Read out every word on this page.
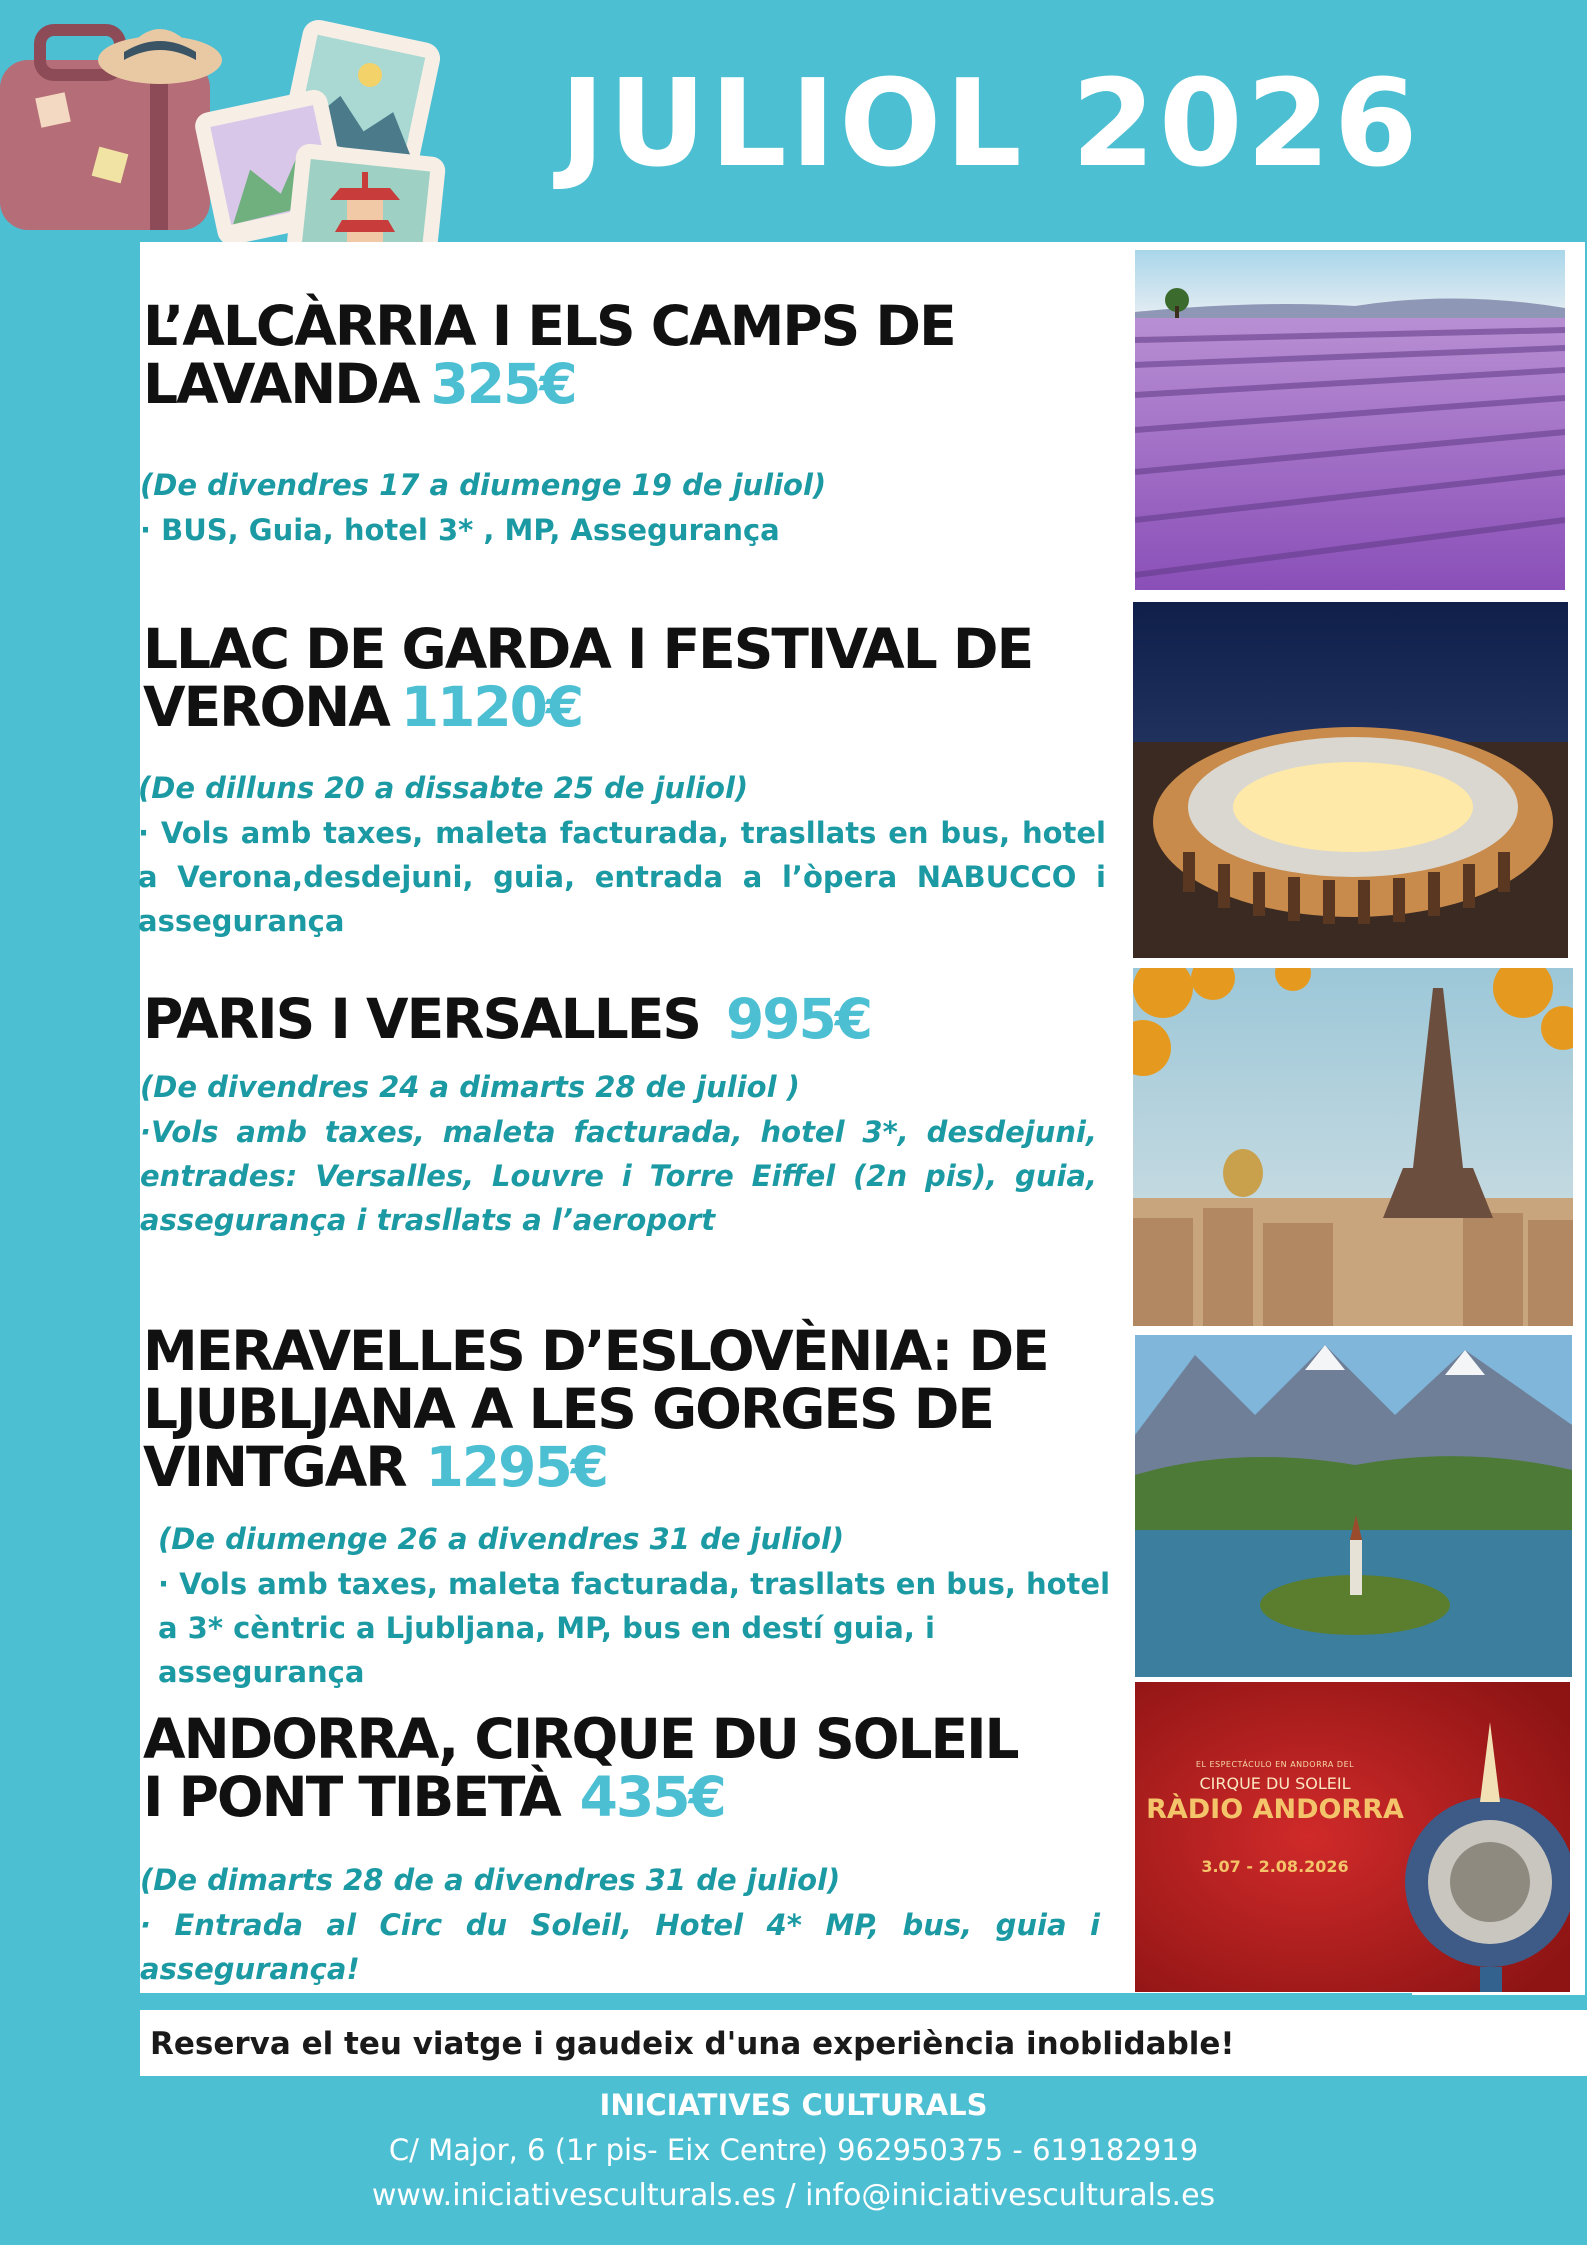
JULIOL 2026
L’ALCÀRRIA I ELS CAMPS DE LAVANDA 325€
(De divendres 17 a diumenge 19 de juliol)
· BUS, Guia, hotel 3* , MP, Assegurança
LLAC DE GARDA I FESTIVAL DE VERONA 1120€
(De dilluns 20 a dissabte 25 de juliol)
· Vols amb taxes, maleta facturada, trasllats en bus, hotel a Verona,desdejuni, guia, entrada a l’òpera NABUCCO i assegurança
PARIS I VERSALLES 995€
(De divendres 24 a dimarts 28 de juliol )
·Vols amb taxes, maleta facturada, hotel 3*, desdejuni, entrades: Versalles, Louvre i Torre Eiffel (2n pis), guia, assegurança i trasllats a l’aeroport
MERAVELLES D’ESLOVÈNIA: DE LJUBLJANA A LES GORGES DE VINTGAR 1295€
(De diumenge 26 a divendres 31 de juliol)
· Vols amb taxes, maleta facturada, trasllats en bus, hotel a 3* cèntric a Ljubljana, MP, bus en destí guia, i assegurança
ANDORRA, CIRQUE DU SOLEIL I PONT TIBETÀ 435€
(De dimarts 28 de a divendres 31 de juliol)
· Entrada al Circ du Soleil, Hotel 4* MP, bus, guia i assegurança!
EL ESPECTÁCULO EN ANDORRA DEL
CIRQUE DU SOLEIL
RÀDIO ANDORRA
3.07 - 2.08.2026
Reserva el teu viatge i gaudeix d'una experiència inoblidable!
INICIATIVES CULTURALS
C/ Major, 6 (1r pis- Eix Centre) 962950375 - 619182919
www.iniciativesculturals.es / info@iniciativesculturals.es
